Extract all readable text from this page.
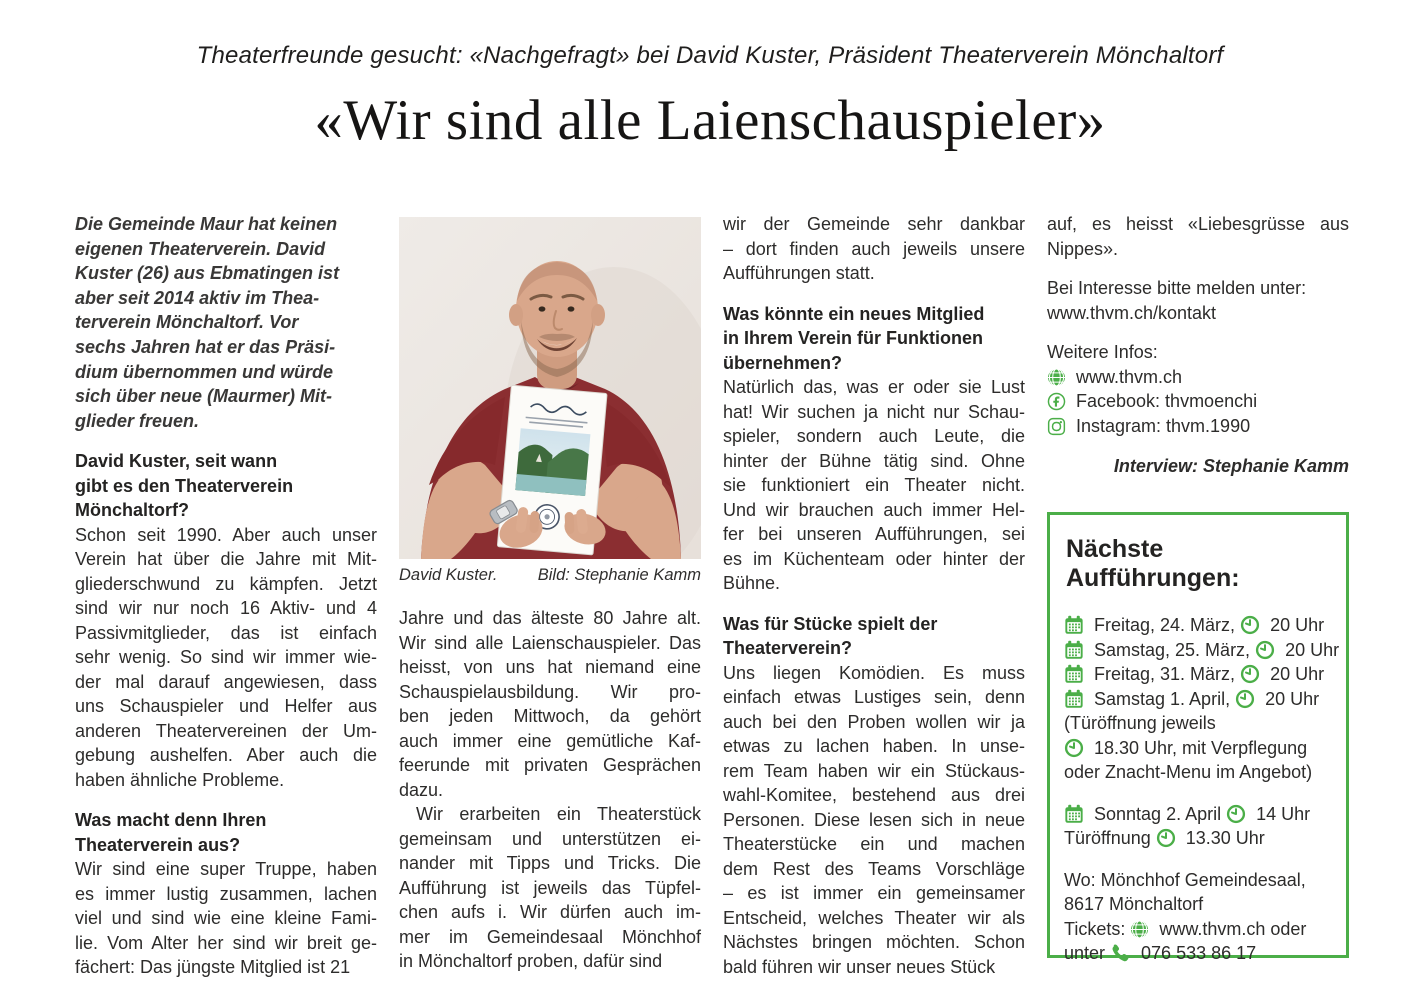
Theaterfreunde gesucht: «Nachgefragt» bei David Kuster, Präsident Theaterverein Mönchaltorf
«Wir sind alle Laienschauspieler»
Die Gemeinde Maur hat keinen
eigenen Theaterverein. David
Kuster (26) aus Ebmatingen ist
aber seit 2014 aktiv im Thea-
terverein Mönchaltorf. Vor
sechs Jahren hat er das Präsi-
dium übernommen und würde
sich über neue (Maurmer) Mit-
glieder freuen.
David Kuster, seit wann
gibt es den Theaterverein
Mönchaltorf?
Schon seit 1990. Aber auch unser
Verein hat über die Jahre mit Mit-
gliederschwund zu kämpfen. Jetzt
sind wir nur noch 16 Aktiv- und 4
Passivmitglieder, das ist einfach
sehr wenig. So sind wir immer wie-
der mal darauf angewiesen, dass
uns Schauspieler und Helfer aus
anderen Theatervereinen der Um-
gebung aushelfen. Aber auch die
haben ähnliche Probleme.
Was macht denn Ihren
Theaterverein aus?
Wir sind eine super Truppe, haben
es immer lustig zusammen, lachen
viel und sind wie eine kleine Fami-
lie. Vom Alter her sind wir breit ge-
fächert: Das jüngste Mitglied ist 21
David Kuster. Bild: Stephanie Kamm
Jahre und das älteste 80 Jahre alt.
Wir sind alle Laienschauspieler. Das
heisst, von uns hat niemand eine
Schauspielausbildung. Wir pro-
ben jeden Mittwoch, da gehört
auch immer eine gemütliche Kaf-
feerunde mit privaten Gesprächen
dazu.
Wir erarbeiten ein Theaterstück
gemeinsam und unterstützen ei-
nander mit Tipps und Tricks. Die
Aufführung ist jeweils das Tüpfel-
chen aufs i. Wir dürfen auch im-
mer im Gemeindesaal Mönchhof
in Mönchaltorf proben, dafür sind
wir der Gemeinde sehr dankbar
– dort finden auch jeweils unsere
Aufführungen statt.
Was könnte ein neues Mitglied
in Ihrem Verein für Funktionen
übernehmen?
Natürlich das, was er oder sie Lust
hat! Wir suchen ja nicht nur Schau-
spieler, sondern auch Leute, die
hinter der Bühne tätig sind. Ohne
sie funktioniert ein Theater nicht.
Und wir brauchen auch immer Hel-
fer bei unseren Aufführungen, sei
es im Küchenteam oder hinter der
Bühne.
Was für Stücke spielt der
Theaterverein?
Uns liegen Komödien. Es muss
einfach etwas Lustiges sein, denn
auch bei den Proben wollen wir ja
etwas zu lachen haben. In unse-
rem Team haben wir ein Stückaus-
wahl-Komitee, bestehend aus drei
Personen. Diese lesen sich in neue
Theaterstücke ein und machen
dem Rest des Teams Vorschläge
– es ist immer ein gemeinsamer
Entscheid, welches Theater wir als
Nächstes bringen möchten. Schon
bald führen wir unser neues Stück
auf, es heisst «Liebesgrüsse aus
Nippes».
Bei Interesse bitte melden unter:
www.thvm.ch/kontakt
Weitere Infos:
www.thvm.ch
Facebook: thvmoenchi
Instagram: thvm.1990
Interview: Stephanie Kamm
Nächste Aufführungen:
Freitag, 24. März,
20 Uhr
Samstag, 25. März,
20 Uhr
Freitag, 31. März,
20 Uhr
Samstag 1. April,
20 Uhr
(Türöffnung jeweils
18.30 Uhr, mit Verpflegung
oder Znacht-Menu im Angebot)
Sonntag 2. April
14 Uhr
Türöffnung
13.30 Uhr
Wo: Mönchhof Gemeindesaal,
8617 Mönchaltorf
Tickets:
www.thvm.ch oder
unter
076 533 86 17
